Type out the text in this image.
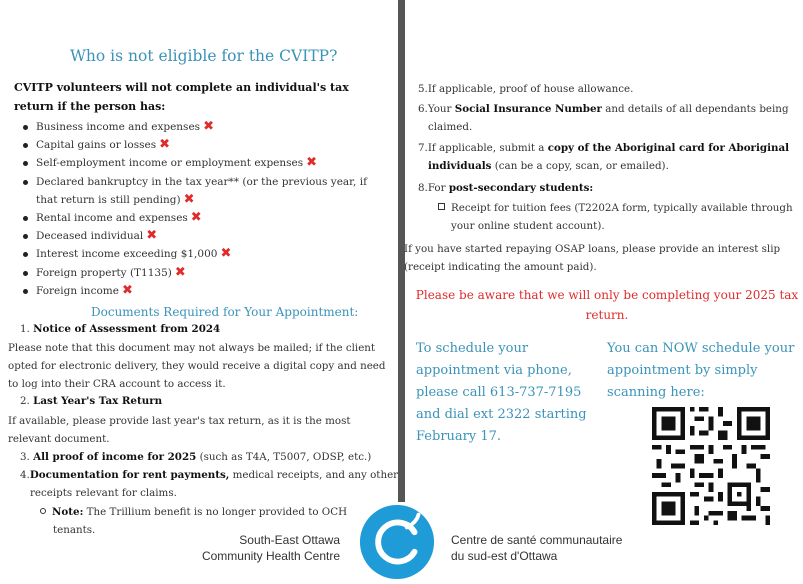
Who is not eligible for the CVITP?
CVITP volunteers will not complete an individual's tax return if the person has:
Business income and expenses ✖
Capital gains or losses ✖
Self-employment income or employment expenses ✖
Declared bankruptcy in the tax year** (or the previous year, if that return is still pending) ✖
Rental income and expenses ✖
Deceased individual ✖
Interest income exceeding $1,000 ✖
Foreign property (T1135) ✖
Foreign income ✖
Documents Required for Your Appointment:
1. Notice of Assessment from 2024
Please note that this document may not always be mailed; if the client opted for electronic delivery, they would receive a digital copy and need to log into their CRA account to access it.
2. Last Year's Tax Return
If available, please provide last year's tax return, as it is the most relevant document.
3. All proof of income for 2025 (such as T4A, T5007, ODSP, etc.)
4.Documentation for rent payments, medical receipts, and any other receipts relevant for claims.
Note: The Trillium benefit is no longer provided to OCH tenants.
5.If applicable, proof of house allowance.
6.Your Social Insurance Number and details of all dependants being claimed.
7.If applicable, submit a copy of the Aboriginal card for Aboriginal individuals (can be a copy, scan, or emailed).
8.For post-secondary students:
Receipt for tuition fees (T2202A form, typically available through your online student account).
If you have started repaying OSAP loans, please provide an interest slip (receipt indicating the amount paid).
Please be aware that we will only be completing your 2025 tax return.
To schedule your appointment via phone, please call 613-737-7195 and dial ext 2322 starting February 17.
You can NOW schedule your appointment by simply scanning here:
South-East Ottawa
Community Health Centre
Centre de santé communautaire
du sud-est d'Ottawa
